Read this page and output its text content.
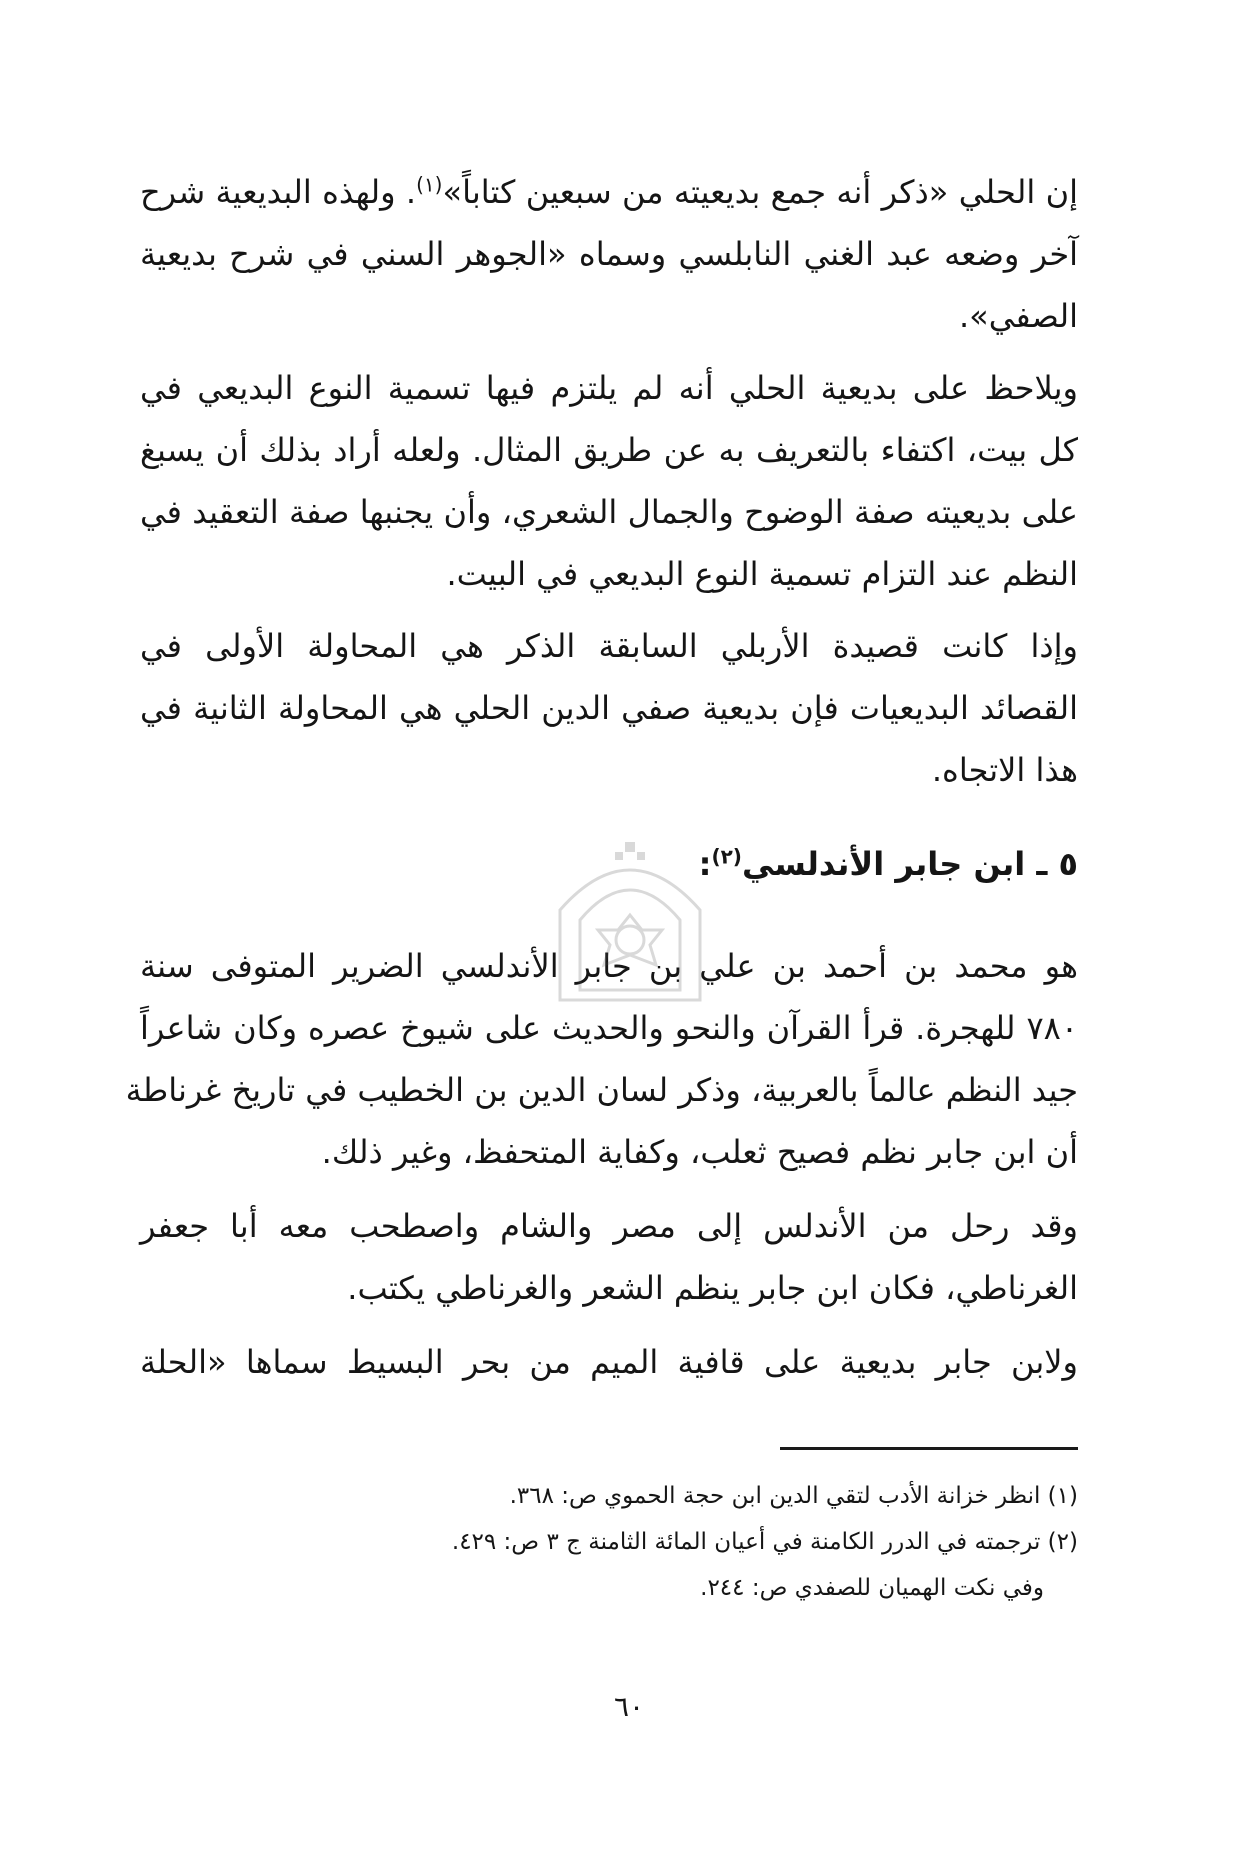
إن الحلي «ذكر أنه جمع بديعيته من سبعين كتاباً»$^{(١)}$. ولهذه البديعية شرح
آخر وضعه عبد الغني النابلسي وسماه «الجوهر السني في شرح بديعية
الصفي».
ويلاحظ على بديعية الحلي أنه لم يلتزم فيها تسمية النوع البديعي في
كل بيت، اكتفاء بالتعريف به عن طريق المثال. ولعله أراد بذلك أن يسبغ
على بديعيته صفة الوضوح والجمال الشعري، وأن يجنبها صفة التعقيد في
النظم عند التزام تسمية النوع البديعي في البيت.
وإذا كانت قصيدة الأربلي السابقة الذكر هي المحاولة الأولى في
القصائد البديعيات فإن بديعية صفي الدين الحلي هي المحاولة الثانية في
هذا الاتجاه.
٥ ـ ابن جابر الأندلسي$^{(٢)}$:
هو محمد بن أحمد بن علي بن جابر الأندلسي الضرير المتوفى سنة
٧٨٠ للهجرة. قرأ القرآن والنحو والحديث على شيوخ عصره وكان شاعراً
جيد النظم عالماً بالعربية، وذكر لسان الدين بن الخطيب في تاريخ غرناطة
أن ابن جابر نظم فصيح ثعلب، وكفاية المتحفظ، وغير ذلك.
وقد رحل من الأندلس إلى مصر والشام واصطحب معه أبا جعفر
الغرناطي، فكان ابن جابر ينظم الشعر والغرناطي يكتب.
ولابن جابر بديعية على قافية الميم من بحر البسيط سماها «الحلة
(١) انظر خزانة الأدب لتقي الدين ابن حجة الحموي ص: ٣٦٨.
(٢) ترجمته في الدرر الكامنة في أعيان المائة الثامنة ج ٣ ص: ٤٢٩.
وفي نكت الهميان للصفدي ص: ٢٤٤.
٦٠
